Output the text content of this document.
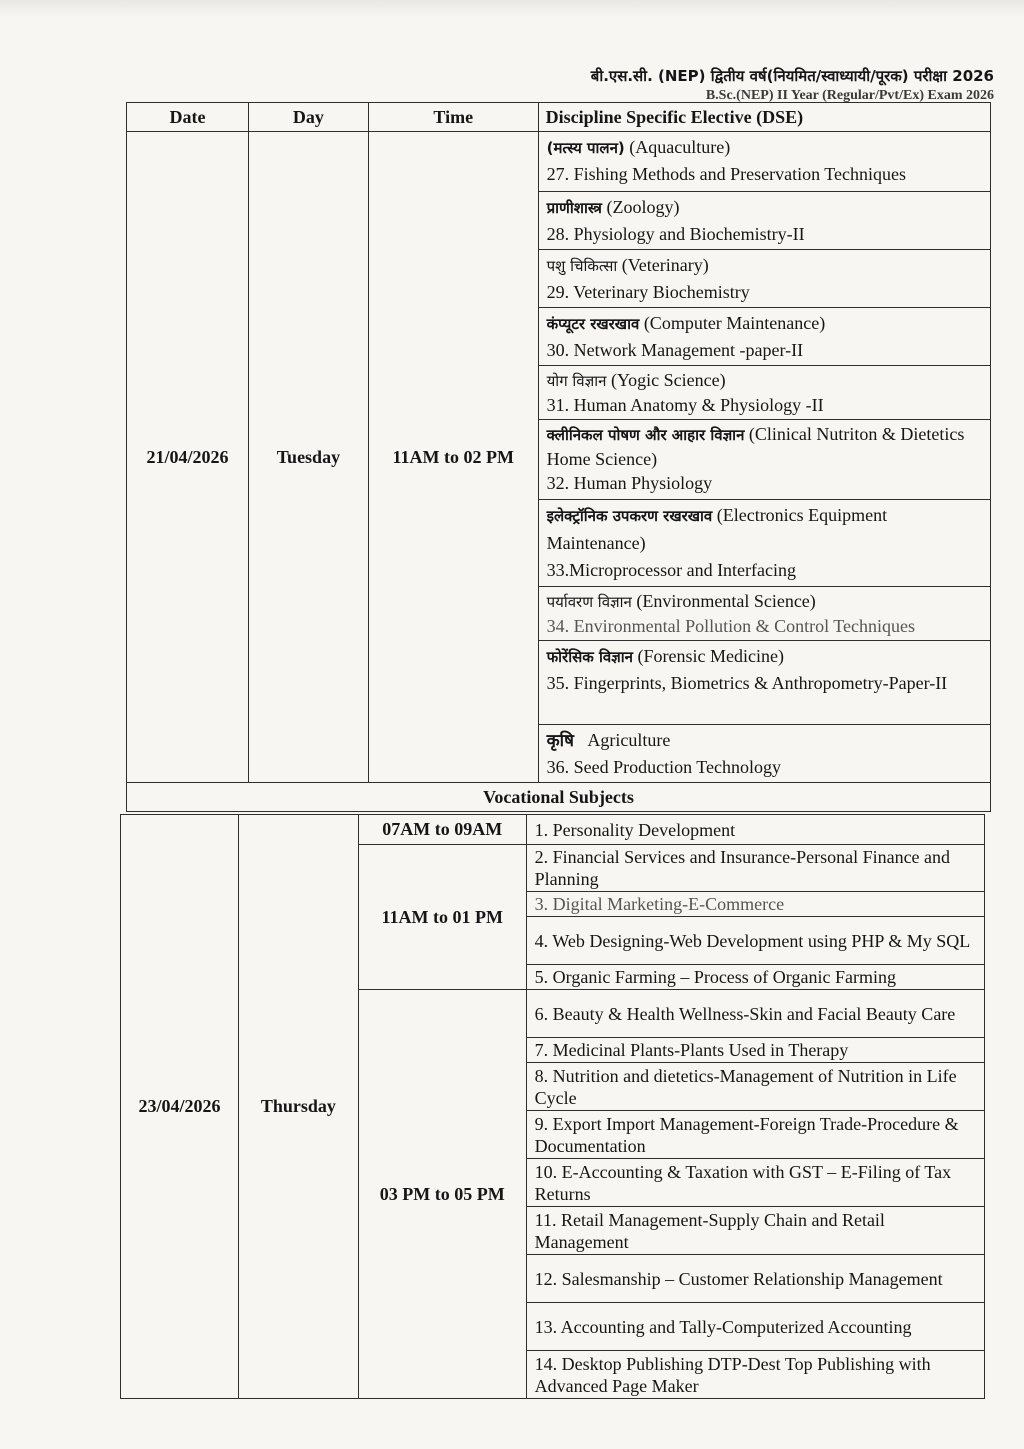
बी.एस.सी. (NEP) द्वितीय वर्ष(नियमित/स्वाध्यायी/पूरक) परीक्षा 2026
B.Sc.(NEP) II Year (Regular/Pvt/Ex) Exam 2026
Date	Day	Time	Discipline Specific Elective (DSE)
21/04/2026	Tuesday	11AM to 02 PM	(मत्स्य पालन) (Aquaculture)
27. Fishing Methods and Preservation Techniques

			प्राणीशास्त्र (Zoology)
28. Physiology and Biochemistry-II

			पशु चिकित्सा (Veterinary)
29. Veterinary Biochemistry

			कंप्यूटर रखरखाव (Computer Maintenance)
30. Network Management -paper-II

			योग विज्ञान (Yogic Science)
31. Human Anatomy & Physiology -II

			क्लीनिकल पोषण और आहार विज्ञान (Clinical Nutriton & Dietetics Home Science)
32. Human Physiology

			इलेक्ट्रॉनिक उपकरण रखरखाव (Electronics Equipment Maintenance)
33.Microprocessor and Interfacing

			पर्यावरण विज्ञान (Environmental Science)
34. Environmental Pollution & Control Techniques

			फोरेंसिक विज्ञान (Forensic Medicine)
35. Fingerprints, Biometrics & Anthropometry-Paper-II

			कृषि Agriculture
36. Seed Production Technology

Vocational Subjects			
23/04/2026	Thursday	07AM to 09AM	1. Personality Development
		11AM to 01 PM	2. Financial Services and Insurance-Personal Finance and Planning
			3. Digital Marketing-E-Commerce
			4. Web Designing-Web Development using PHP & My SQL
			5. Organic Farming – Process of Organic Farming
		03 PM to 05 PM	6. Beauty & Health Wellness-Skin and Facial Beauty Care
			7. Medicinal Plants-Plants Used in Therapy
			8. Nutrition and dietetics-Management of Nutrition in Life Cycle
			9. Export Import Management-Foreign Trade-Procedure & Documentation
			10. E-Accounting & Taxation with GST – E-Filing of Tax Returns
			11. Retail Management-Supply Chain and Retail Management
			12. Salesmanship – Customer Relationship Management
			13. Accounting and Tally-Computerized Accounting
			14. Desktop Publishing DTP-Dest Top Publishing with Advanced Page Maker
